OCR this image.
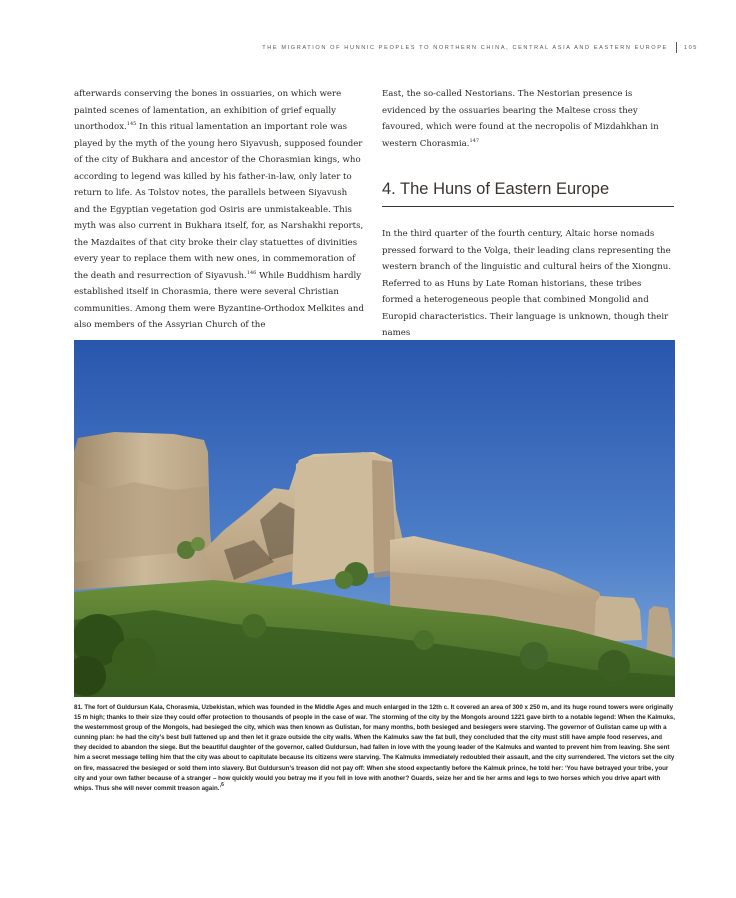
THE MIGRATION OF HUNNIC PEOPLES TO NORTHERN CHINA, CENTRAL ASIA AND EASTERN EUROPE	105

afterwards conserving the bones in ossuaries, on which were painted scenes of lamentation, an exhibition of grief equally unorthodox.$^{145}$ In this ritual lamentation an important role was played by the myth of the young hero Siyavush, supposed founder of the city of Bukhara and ancestor of the Chorasmian kings, who according to legend was killed by his father-in-law, only later to return to life. As Tolstov notes, the parallels between Siyavush and the Egyptian vegetation god Osiris are unmistakeable. This myth was also current in Bukhara itself, for, as Narshakhi reports, the Mazdaites of that city broke their clay statuettes of divinities every year to replace them with new ones, in commemoration of the death and resurrection of Siyavush.$^{146}$ While Buddhism hardly established itself in Chorasmia, there were several Christian communities. Among them were Byzantine-Orthodox Melkites and also members of the Assyrian Church of the

East, the so-called Nestorians. The Nestorian presence is evidenced by the ossuaries bearing the Maltese cross they favoured, which were found at the necropolis of Mizdahkhan in western Chorasmia.$^{147}$

4. The Huns of Eastern Europe

In the third quarter of the fourth century, Altaic horse nomads pressed forward to the Volga, their leading clans representing the western branch of the linguistic and cultural heirs of the Xiongnu. Referred to as Huns by Late Roman historians, these tribes formed a heterogeneous people that combined Mongolid and Europid characteristics. Their language is unknown, though their names

81. The fort of Guldursun Kala, Chorasmia, Uzbekistan, which was founded in the Middle Ages and much enlarged in the 12th c. It covered an area of 300 x 250 m, and its huge round towers were originally 15 m high; thanks to their size they could offer protection to thousands of people in the case of war. The storming of the city by the Mongols around 1221 gave birth to a notable legend: When the Kalmuks, the westernmost group of the Mongols, had besieged the city, which was then known as Gulistan, for many months, both besieged and besiegers were starving. The governor of Gulistan came up with a cunning plan: he had the city’s best bull fattened up and then let it graze outside the city walls. When the Kalmuks saw the fat bull, they concluded that the city must still have ample food reserves, and they decided to abandon the siege. But the beautiful daughter of the governor, called Guldursun, had fallen in love with the young leader of the Kalmuks and wanted to prevent him from leaving. She sent him a secret message telling him that the city was about to capitulate because its citizens were starving. The Kalmuks immediately redoubled their assault, and the city surrendered. The victors set the city on fire, massacred the besieged or sold them into slavery. But Guldursun’s treason did not pay off: When she stood expectantly before the Kalmuk prince, he told her: ‘You have betrayed your tribe, your city and your own father because of a stranger – how quickly would you betray me if you fell in love with another? Guards, seize her and tie her arms and legs to two horses which you drive apart with whips. Thus she will never commit treason again.’$^6$
